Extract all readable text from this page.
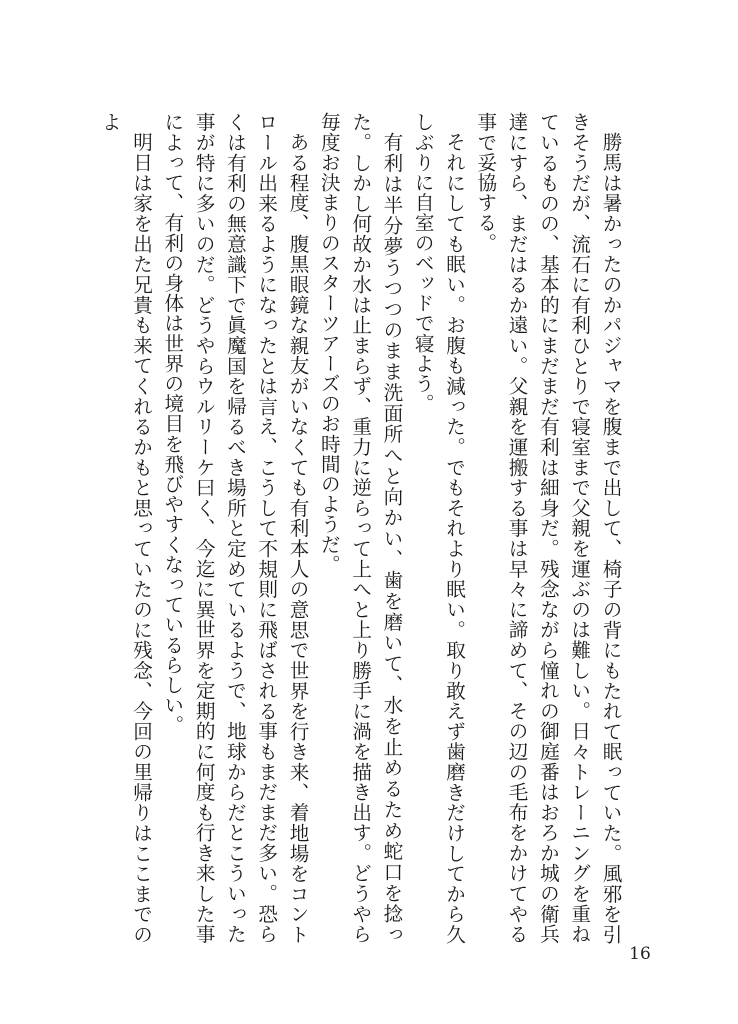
勝馬は暑かったのかパジャマを腹まで出して、椅子の背にもたれて眠っていた。風邪を引きそうだが、流石に有利ひとりで寝室まで父親を運ぶのは難しい。日々トレーニングを重ねているものの、基本的にまだまだ有利は細身だ。残念ながら憧れの御庭番はおろか城の衛兵達にすら、まだはるか遠い。父親を運搬する事は早々に諦めて、その辺の毛布をかけてやる事で妥協する。

それにしても眠い。お腹も減った。でもそれより眠い。取り敢えず歯磨きだけしてから久しぶりに自室のベッドで寝よう。

有利は半分夢うつつのまま洗面所へと向かい、歯を磨いて、水を止めるため蛇口を捻った。しかし何故か水は止まらず、重力に逆らって上へと上り勝手に渦を描き出す。どうやら毎度お決まりのスターツアーズのお時間のようだ。

ある程度、腹黒眼鏡な親友がいなくても有利本人の意思で世界を行き来、着地場をコントロール出来るようになったとは言え、こうして不規則に飛ばされる事もまだまだ多い。恐らくは有利の無意識下で眞魔国を帰るべき場所と定めているようで、地球からだとこういった事が特に多いのだ。どうやらウルリーケ曰く、今迄に異世界を定期的に何度も行き来した事によって、有利の身体は世界の境目を飛びやすくなっているらしい。

明日は家を出た兄貴も来てくれるかもと思っていたのに残念、今回の里帰りはここまでのよ

16
